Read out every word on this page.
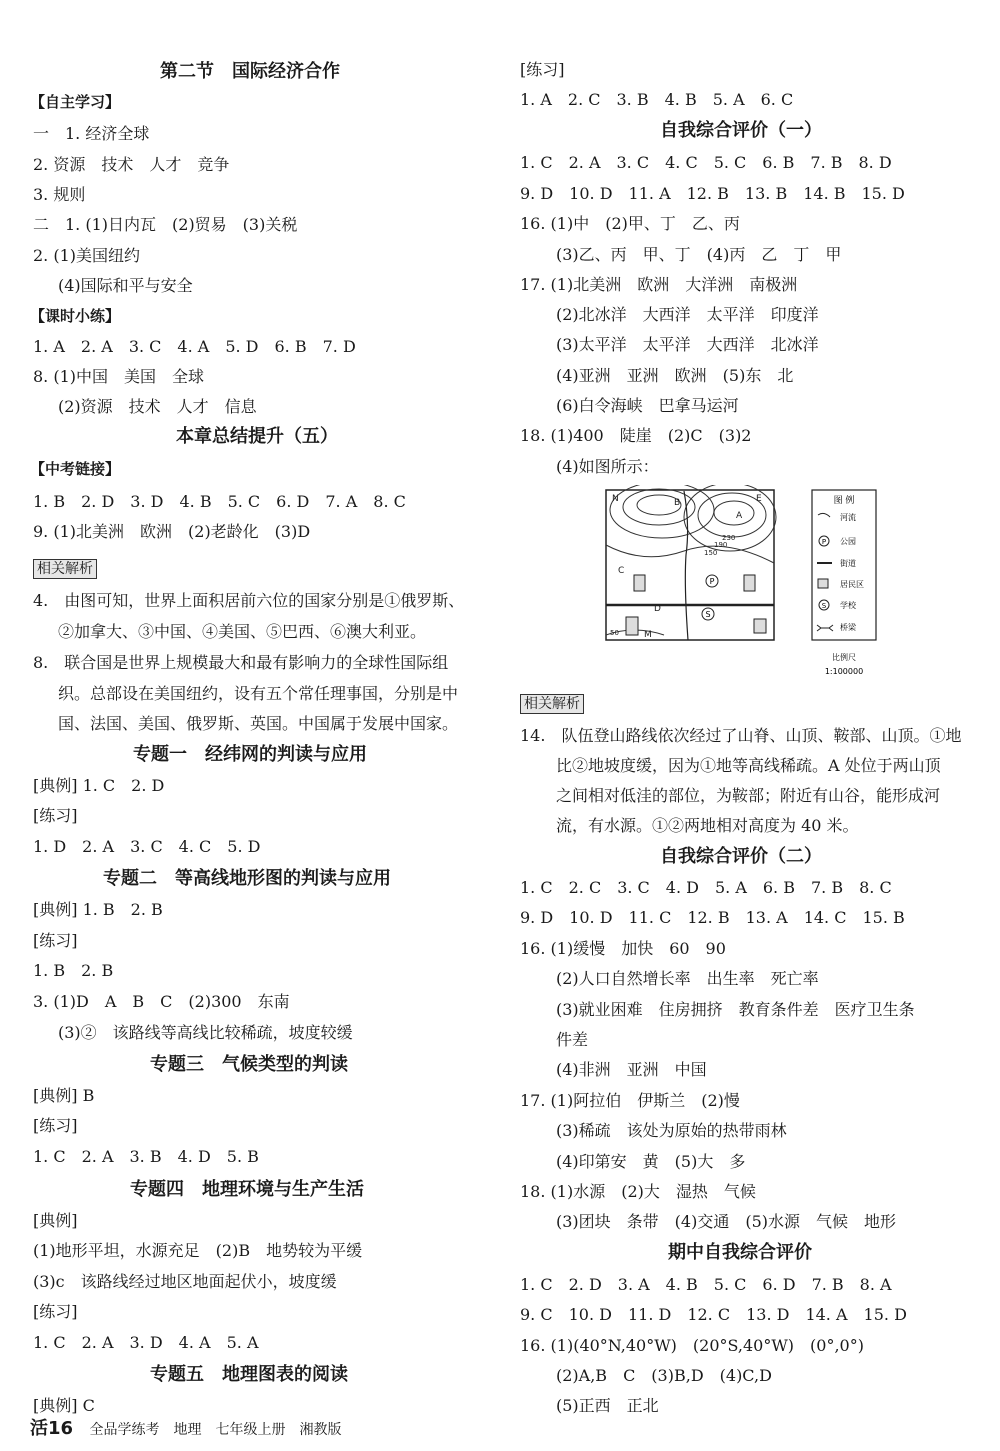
第二节　国际经济合作
【自主学习】
一　1. 经济全球
2. 资源　技术　人才　竞争
3. 规则
二　1. (1)日内瓦　(2)贸易　(3)关税
2. (1)美国纽约
(4)国际和平与安全
【课时小练】
1. A　2. A　3. C　4. A　5. D　6. B　7. D
8. (1)中国　美国　全球
(2)资源　技术　人才　信息
本章总结提升（五）
【中考链接】
1. B　2. D　3. D　4. B　5. C　6. D　7. A　8. C
9. (1)北美洲　欧洲　(2)老龄化　(3)D
相关解析
4.　由图可知，世界上面积居前六位的国家分别是①俄罗斯、
②加拿大、③中国、④美国、⑤巴西、⑥澳大利亚。
8.　联合国是世界上规模最大和最有影响力的全球性国际组
织。总部设在美国纽约，设有五个常任理事国，分别是中
国、法国、美国、俄罗斯、英国。中国属于发展中国家。
专题一　经纬网的判读与应用
[典例] 1. C　2. D
[练习]
1. D　2. A　3. C　4. C　5. D
专题二　等高线地形图的判读与应用
[典例] 1. B　2. B
[练习]
1. B　2. B
3. (1)D　A　B　C　(2)300　东南
(3)②　该路线等高线比较稀疏，坡度较缓
专题三　气候类型的判读
[典例] B
[练习]
1. C　2. A　3. B　4. D　5. B
专题四　地理环境与生产生活
[典例]
(1)地形平坦，水源充足　(2)B　地势较为平缓
(3)c　该路线经过地区地面起伏小，坡度缓
[练习]
1. C　2. A　3. D　4. A　5. A
专题五　地理图表的阅读
[典例] C
[练习]
1. A　2. C　3. B　4. B　5. A　6. C
自我综合评价（一）
1. C　2. A　3. C　4. C　5. C　6. B　7. B　8. D
9. D　10. D　11. A　12. B　13. B　14. B　15. D
16. (1)中　(2)甲、丁　乙、丙
(3)乙、丙　甲、丁　(4)丙　乙　丁　甲
17. (1)北美洲　欧洲　大洋洲　南极洲
(2)北冰洋　大西洋　太平洋　印度洋
(3)太平洋　太平洋　大西洋　北冰洋
(4)亚洲　亚洲　欧洲　(5)东　北
(6)白令海峡　巴拿马运河
18. (1)400　陡崖　(2)C　(3)2
(4)如图所示：
P
S
N	E
C
D
M
A
B
230
190
150
50
图 例
河流
P 公园
街道
居民区
S 学校
桥梁
比例尺
1:100000
相关解析
14.　队伍登山路线依次经过了山脊、山顶、鞍部、山顶。①地
比②地坡度缓，因为①地等高线稀疏。A 处位于两山顶
之间相对低洼的部位，为鞍部；附近有山谷，能形成河
流，有水源。①②两地相对高度为 40 米。
自我综合评价（二）
1. C　2. C　3. C　4. D　5. A　6. B　7. B　8. C
9. D　10. D　11. C　12. B　13. A　14. C　15. B
16. (1)缓慢　加快　60　90
(2)人口自然增长率　出生率　死亡率
(3)就业困难　住房拥挤　教育条件差　医疗卫生条
件差
(4)非洲　亚洲　中国
17. (1)阿拉伯　伊斯兰　(2)慢
(3)稀疏　该处为原始的热带雨林
(4)印第安　黄　(5)大　多
18. (1)水源　(2)大　湿热　气候
(3)团块　条带　(4)交通　(5)水源　气候　地形
期中自我综合评价
1. C　2. D　3. A　4. B　5. C　6. D　7. B　8. A
9. C　10. D　11. D　12. C　13. D　14. A　15. D
16. (1)(40°N,40°W)　(20°S,40°W)　(0°,0°)
(2)A,B　C　(3)B,D　(4)C,D
(5)正西　正北
活16 全品学练考　地理　七年级上册　湘教版
